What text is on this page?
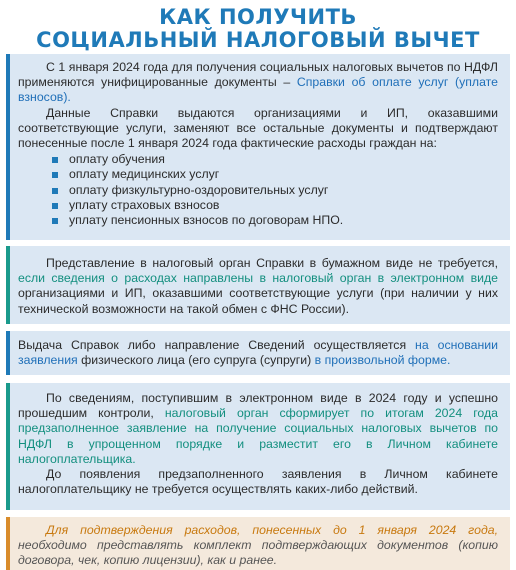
КАК ПОЛУЧИТЬ
СОЦИАЛЬНЫЙ НАЛОГОВЫЙ ВЫЧЕТ

С 1 января 2024 года для получения социальных налоговых вычетов по НДФЛ применяются унифицированные документы – Справки об оплате услуг (уплате взносов).

Данные Справки выдаются организациями и ИП, оказавшими соответствующие услуги, заменяют все остальные документы и подтверждают понесенные после 1 января 2024 года фактические расходы граждан на:

оплату обучения
оплату медицинских услуг
оплату физкультурно-оздоровительных услуг
уплату страховых взносов
уплату пенсионных взносов по договорам НПО.

Представление в налоговый орган Справки в бумажном виде не требуется, если сведения о расходах направлены в налоговый орган в электронном виде организациями и ИП, оказавшими соответствующие услуги (при наличии у них технической возможности на такой обмен с ФНС России).

Выдача Справок либо направление Сведений осуществляется на основании заявления физического лица (его супруга (супруги) в произвольной форме.

По сведениям, поступившим в электронном виде в 2024 году и успешно прошедшим контроли, налоговый орган сформирует по итогам 2024 года предзаполненное заявление на получение социальных налоговых вычетов по НДФЛ в упрощенном порядке и разместит его в Личном кабинете налогоплательщика.

До появления предзаполненного заявления в Личном кабинете налогоплательщику не требуется осуществлять каких-либо действий.

Для подтверждения расходов, понесенных до 1 января 2024 года, необходимо представлять комплект подтверждающих документов (копию договора, чек, копию лицензии), как и ранее.
